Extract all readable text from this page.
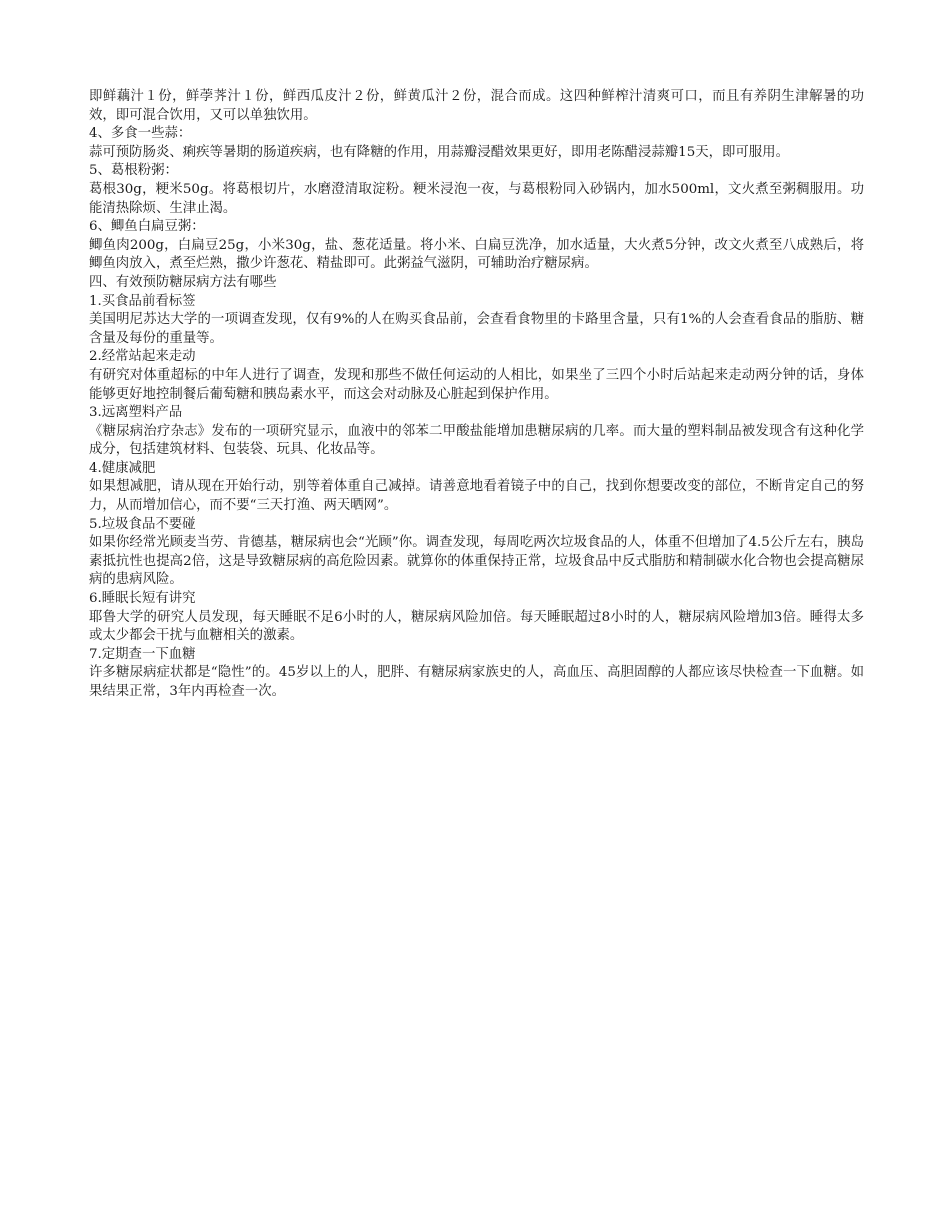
即鲜藕汁１份，鲜荸荠汁１份，鲜西瓜皮汁２份，鲜黄瓜汁２份，混合而成。这四种鲜榨汁清爽可口，而且有养阴生津解暑的功效，即可混合饮用，又可以单独饮用。

4、多食一些蒜：

蒜可预防肠炎、痢疾等暑期的肠道疾病，也有降糖的作用，用蒜瓣浸醋效果更好，即用老陈醋浸蒜瓣15天，即可服用。

5、葛根粉粥：

葛根30g，粳米50g。将葛根切片，水磨澄清取淀粉。粳米浸泡一夜，与葛根粉同入砂锅内，加水500ml，文火煮至粥稠服用。功能清热除烦、生津止渴。

6、鲫鱼白扁豆粥：

鲫鱼肉200g，白扁豆25g，小米30g，盐、葱花适量。将小米、白扁豆洗净，加水适量，大火煮5分钟，改文火煮至八成熟后，将鲫鱼肉放入，煮至烂熟，撒少许葱花、精盐即可。此粥益气滋阴，可辅助治疗糖尿病。

四、有效预防糖尿病方法有哪些

1.买食品前看标签

美国明尼苏达大学的一项调查发现，仅有9%的人在购买食品前，会查看食物里的卡路里含量，只有1%的人会查看食品的脂肪、糖含量及每份的重量等。

2.经常站起来走动

有研究对体重超标的中年人进行了调查，发现和那些不做任何运动的人相比，如果坐了三四个小时后站起来走动两分钟的话，身体能够更好地控制餐后葡萄糖和胰岛素水平，而这会对动脉及心脏起到保护作用。

3.远离塑料产品

《糖尿病治疗杂志》发布的一项研究显示，血液中的邻苯二甲酸盐能增加患糖尿病的几率。而大量的塑料制品被发现含有这种化学成分，包括建筑材料、包装袋、玩具、化妆品等。

4.健康减肥

如果想减肥，请从现在开始行动，别等着体重自己减掉。请善意地看着镜子中的自己，找到你想要改变的部位，不断肯定自己的努力，从而增加信心，而不要“三天打渔、两天晒网”。

5.垃圾食品不要碰

如果你经常光顾麦当劳、肯德基，糖尿病也会“光顾”你。调查发现，每周吃两次垃圾食品的人，体重不但增加了4.5公斤左右，胰岛素抵抗性也提高2倍，这是导致糖尿病的高危险因素。就算你的体重保持正常，垃圾食品中反式脂肪和精制碳水化合物也会提高糖尿病的患病风险。

6.睡眠长短有讲究

耶鲁大学的研究人员发现，每天睡眠不足6小时的人，糖尿病风险加倍。每天睡眠超过8小时的人，糖尿病风险增加3倍。睡得太多或太少都会干扰与血糖相关的激素。

7.定期查一下血糖

许多糖尿病症状都是“隐性”的。45岁以上的人，肥胖、有糖尿病家族史的人，高血压、高胆固醇的人都应该尽快检查一下血糖。如果结果正常，3年内再检查一次。
